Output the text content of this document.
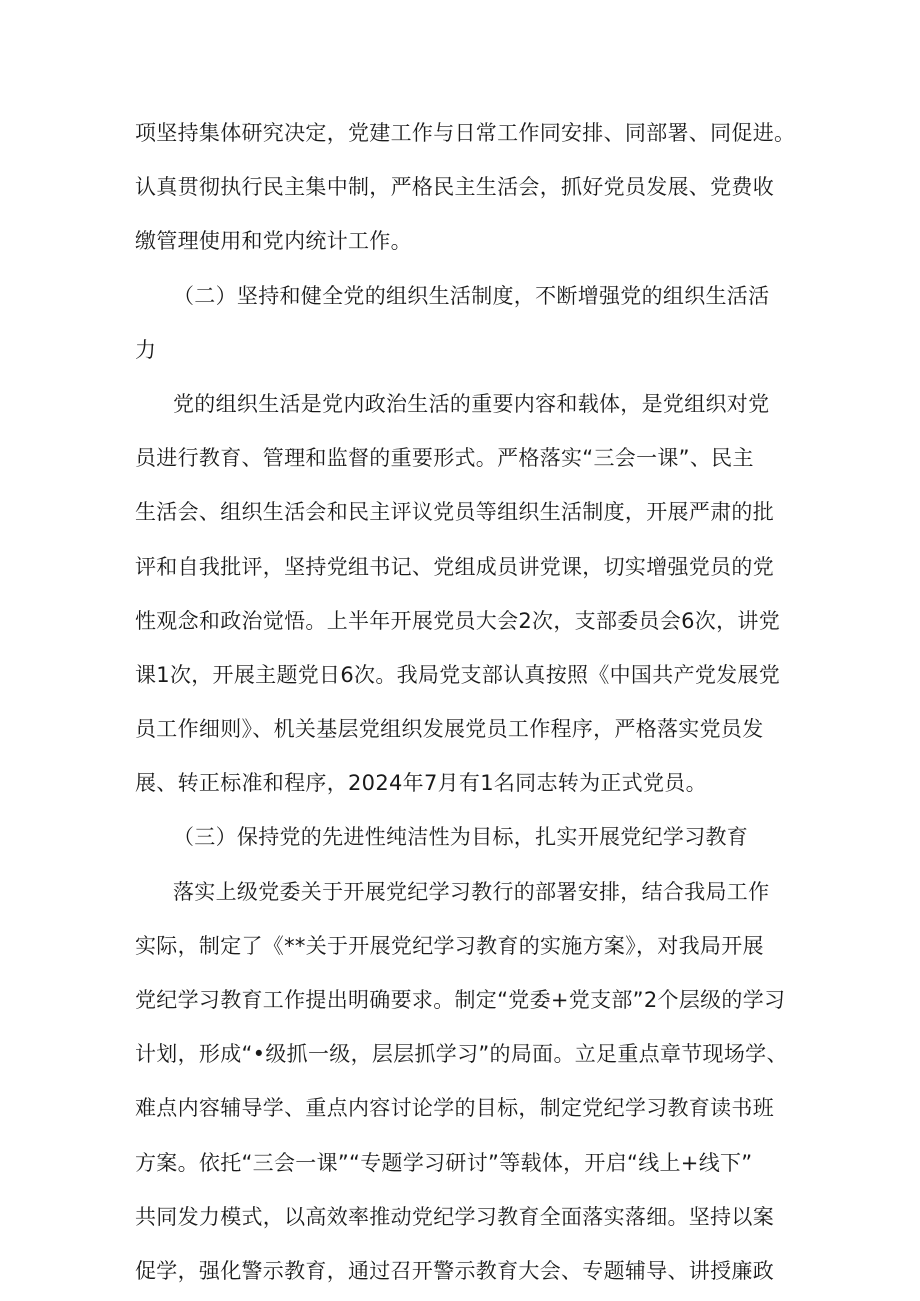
项坚持集体研究决定，党建工作与日常工作同安排、同部署、同促进。
认真贯彻执行民主集中制，严格民主生活会，抓好党员发展、党费收
缴管理使用和党内统计工作。
（二）坚持和健全党的组织生活制度，不断增强党的组织生活活
力
党的组织生活是党内政治生活的重要内容和载体，是党组织对党
员进行教育、管理和监督的重要形式。严格落实“三会一课”、民主
生活会、组织生活会和民主评议党员等组织生活制度，开展严肃的批
评和自我批评，坚持党组书记、党组成员讲党课，切实增强党员的党
性观念和政治觉悟。上半年开展党员大会2次，支部委员会6次，讲党
课1次，开展主题党日6次。我局党支部认真按照《中国共产党发展党
员工作细则》、机关基层党组织发展党员工作程序，严格落实党员发
展、转正标准和程序，2024年7月有1名同志转为正式党员。
（三）保持党的先进性纯洁性为目标，扎实开展党纪学习教育
落实上级党委关于开展党纪学习教行的部署安排，结合我局工作
实际，制定了《**关于开展党纪学习教育的实施方案》，对我局开展
党纪学习教育工作提出明确要求。制定“党委+党支部”2个层级的学习
计划，形成“•级抓一级，层层抓学习”的局面。立足重点章节现场学、
难点内容辅导学、重点内容讨论学的目标，制定党纪学习教育读书班
方案。依托“三会一课”“专题学习研讨”等载体，开启“线上+线下”
共同发力模式，以高效率推动党纪学习教育全面落实落细。坚持以案
促学，强化警示教育，通过召开警示教育大会、专题辅导、讲授廉政
